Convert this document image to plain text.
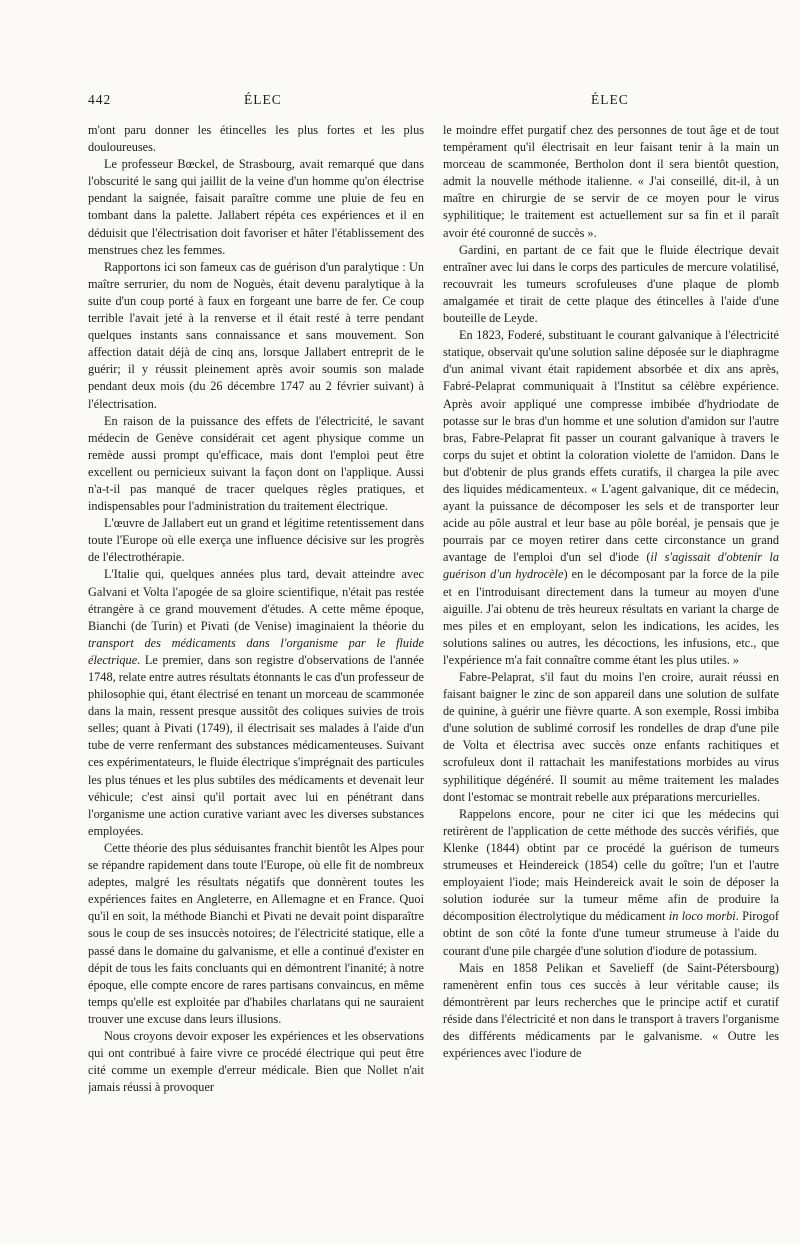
442	ÉLEC	ÉLEC

m'ont paru donner les étincelles les plus fortes et les plus douloureuses.

Le professeur Bœckel, de Strasbourg, avait remarqué que dans l'obscurité le sang qui jaillit de la veine d'un homme qu'on électrise pendant la saignée, faisait paraître comme une pluie de feu en tombant dans la palette. Jallabert répéta ces expériences et il en déduisit que l'électrisation doit favoriser et hâter l'établissement des menstrues chez les femmes.

Rapportons ici son fameux cas de guérison d'un paralytique : Un maître serrurier, du nom de Noguès, était devenu paralytique à la suite d'un coup porté à faux en forgeant une barre de fer. Ce coup terrible l'avait jeté à la renverse et il était resté à terre pendant quelques instants sans connaissance et sans mouvement. Son affection datait déjà de cinq ans, lorsque Jallabert entreprit de le guérir; il y réussit pleinement après avoir soumis son malade pendant deux mois (du 26 décembre 1747 au 2 février suivant) à l'électrisation.

En raison de la puissance des effets de l'électricité, le savant médecin de Genève considérait cet agent physique comme un remède aussi prompt qu'efficace, mais dont l'emploi peut être excellent ou pernicieux suivant la façon dont on l'applique. Aussi n'a-t-il pas manqué de tracer quelques règles pratiques, et indispensables pour l'administration du traitement électrique.

L'œuvre de Jallabert eut un grand et légitime retentissement dans toute l'Europe où elle exerça une influence décisive sur les progrès de l'électrothérapie.

L'Italie qui, quelques années plus tard, devait atteindre avec Galvani et Volta l'apogée de sa gloire scientifique, n'était pas restée étrangère à ce grand mouvement d'études. A cette même époque, Bianchi (de Turin) et Pivati (de Venise) imaginaient la théorie du transport des médicaments dans l'organisme par le fluide électrique. Le premier, dans son registre d'observations de l'année 1748, relate entre autres résultats étonnants le cas d'un professeur de philosophie qui, étant électrisé en tenant un morceau de scammonée dans la main, ressent presque aussitôt des coliques suivies de trois selles; quant à Pivati (1749), il électrisait ses malades à l'aide d'un tube de verre renfermant des substances médicamenteuses. Suivant ces expérimentateurs, le fluide électrique s'imprégnait des particules les plus ténues et les plus subtiles des médicaments et devenait leur véhicule; c'est ainsi qu'il portait avec lui en pénétrant dans l'organisme une action curative variant avec les diverses substances employées.

Cette théorie des plus séduisantes franchit bientôt les Alpes pour se répandre rapidement dans toute l'Europe, où elle fit de nombreux adeptes, malgré les résultats négatifs que donnèrent toutes les expériences faites en Angleterre, en Allemagne et en France. Quoi qu'il en soit, la méthode Bianchi et Pivati ne devait point disparaître sous le coup de ses insuccès notoires; de l'électricité statique, elle a passé dans le domaine du galvanisme, et elle a continué d'exister en dépit de tous les faits concluants qui en démontrent l'inanité; à notre époque, elle compte encore de rares partisans convaincus, en même temps qu'elle est exploitée par d'habiles charlatans qui ne sauraient trouver une excuse dans leurs illusions.

Nous croyons devoir exposer les expériences et les observations qui ont contribué à faire vivre ce procédé électrique qui peut être cité comme un exemple d'erreur médicale. Bien que Nollet n'ait jamais réussi à provoquer

le moindre effet purgatif chez des personnes de tout âge et de tout tempérament qu'il électrisait en leur faisant tenir à la main un morceau de scammonée, Bertholon dont il sera bientôt question, admit la nouvelle méthode italienne. « J'ai conseillé, dit-il, à un maître en chirurgie de se servir de ce moyen pour le virus syphilitique; le traitement est actuellement sur sa fin et il paraît avoir été couronné de succès ».

Gardini, en partant de ce fait que le fluide électrique devait entraîner avec lui dans le corps des particules de mercure volatilisé, recouvrait les tumeurs scrofuleuses d'une plaque de plomb amalgamée et tirait de cette plaque des étincelles à l'aide d'une bouteille de Leyde.

En 1823, Foderé, substituant le courant galvanique à l'électricité statique, observait qu'une solution saline déposée sur le diaphragme d'un animal vivant était rapidement absorbée et dix ans après, Fabré-Pelaprat communiquait à l'Institut sa célèbre expérience. Après avoir appliqué une compresse imbibée d'hydriodate de potasse sur le bras d'un homme et une solution d'amidon sur l'autre bras, Fabre-Pelaprat fit passer un courant galvanique à travers le corps du sujet et obtint la coloration violette de l'amidon. Dans le but d'obtenir de plus grands effets curatifs, il chargea la pile avec des liquides médicamenteux. « L'agent galvanique, dit ce médecin, ayant la puissance de décomposer les sels et de transporter leur acide au pôle austral et leur base au pôle boréal, je pensais que je pourrais par ce moyen retirer dans cette circonstance un grand avantage de l'emploi d'un sel d'iode (il s'agissait d'obtenir la guérison d'un hydrocèle) en le décomposant par la force de la pile et en l'introduisant directement dans la tumeur au moyen d'une aiguille. J'ai obtenu de très heureux résultats en variant la charge de mes piles et en employant, selon les indications, les acides, les solutions salines ou autres, les décoctions, les infusions, etc., que l'expérience m'a fait connaître comme étant les plus utiles. »

Fabre-Pelaprat, s'il faut du moins l'en croire, aurait réussi en faisant baigner le zinc de son appareil dans une solution de sulfate de quinine, à guérir une fièvre quarte. A son exemple, Rossi imbiba d'une solution de sublimé corrosif les rondelles de drap d'une pile de Volta et électrisa avec succès onze enfants rachitiques et scrofuleux dont il rattachait les manifestations morbides au virus syphilitique dégénéré. Il soumit au même traitement les malades dont l'estomac se montrait rebelle aux préparations mercurielles.

Rappelons encore, pour ne citer ici que les médecins qui retirèrent de l'application de cette méthode des succès vérifiés, que Klenke (1844) obtint par ce procédé la guérison de tumeurs strumeuses et Heindereick (1854) celle du goître; l'un et l'autre employaient l'iode; mais Heindereick avait le soin de déposer la solution iodurée sur la tumeur même afin de produire la décomposition électrolytique du médicament in loco morbi. Pirogof obtint de son côté la fonte d'une tumeur strumeuse à l'aide du courant d'une pile chargée d'une solution d'iodure de potassium.

Mais en 1858 Pelikan et Savelieff (de Saint-Pétersbourg) ramenèrent enfin tous ces succès à leur véritable cause; ils démontrèrent par leurs recherches que le principe actif et curatif réside dans l'électricité et non dans le transport à travers l'organisme des différents médicaments par le galvanisme. « Outre les expériences avec l'iodure de
